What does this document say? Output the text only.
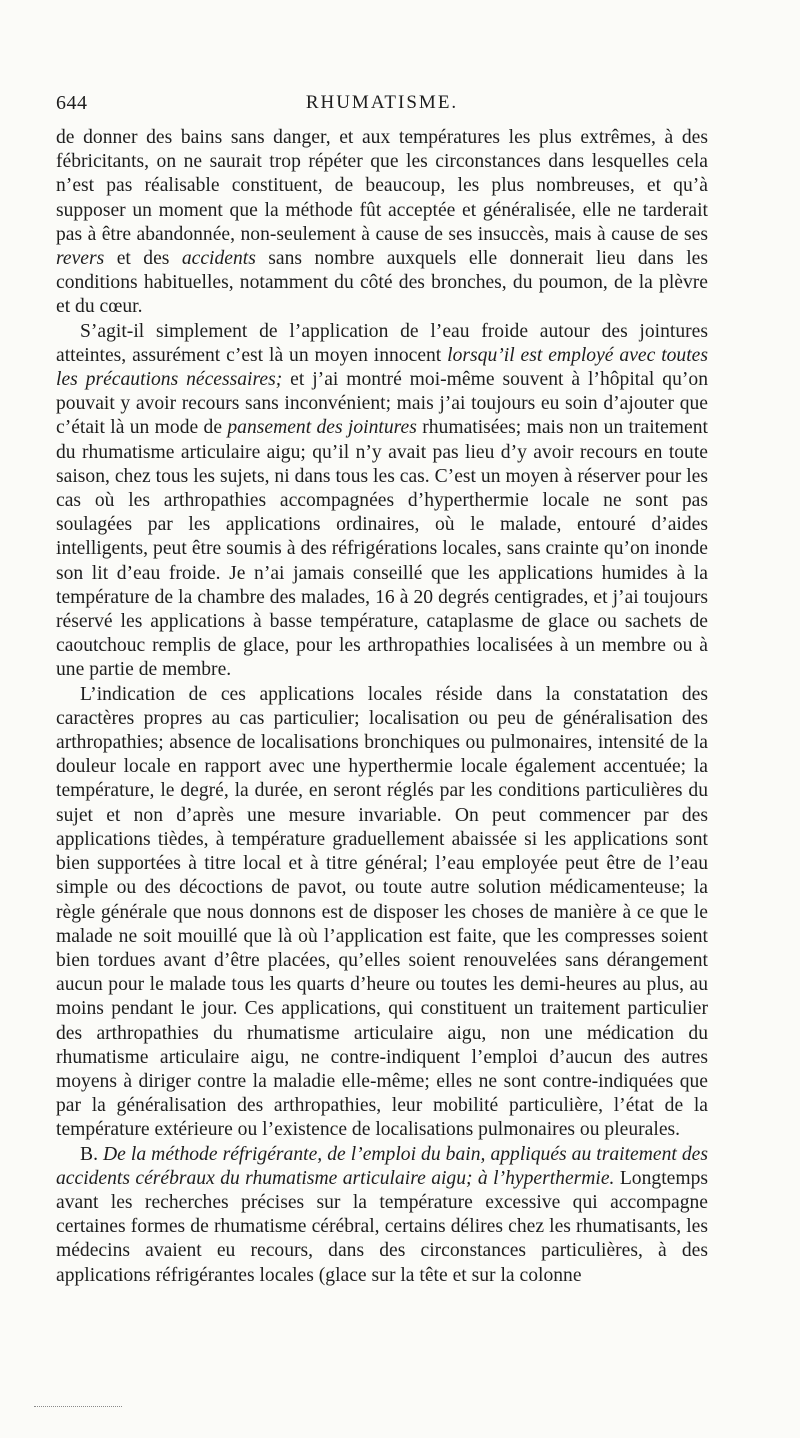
644	RHUMATISME.

de donner des bains sans danger, et aux températures les plus extrêmes, à des fébricitants, on ne saurait trop répéter que les circonstances dans lesquelles cela n’est pas réalisable constituent, de beaucoup, les plus nombreuses, et qu’à supposer un moment que la méthode fût acceptée et généralisée, elle ne tarderait pas à être abandonnée, non-seulement à cause de ses insuccès, mais à cause de ses revers et des accidents sans nombre auxquels elle donnerait lieu dans les conditions habituelles, notamment du côté des bronches, du poumon, de la plèvre et du cœur.

S’agit-il simplement de l’application de l’eau froide autour des jointures atteintes, assurément c’est là un moyen innocent lorsqu’il est employé avec toutes les précautions nécessaires; et j’ai montré moi-même souvent à l’hôpital qu’on pouvait y avoir recours sans inconvénient; mais j’ai toujours eu soin d’ajouter que c’était là un mode de pansement des jointures rhumatisées; mais non un traitement du rhumatisme articulaire aigu; qu’il n’y avait pas lieu d’y avoir recours en toute saison, chez tous les sujets, ni dans tous les cas. C’est un moyen à réserver pour les cas où les arthropathies accompagnées d’hyperthermie locale ne sont pas soulagées par les applications ordinaires, où le malade, entouré d’aides intelligents, peut être soumis à des réfrigérations locales, sans crainte qu’on inonde son lit d’eau froide. Je n’ai jamais conseillé que les applications humides à la température de la chambre des malades, 16 à 20 degrés centigrades, et j’ai toujours réservé les applications à basse température, cataplasme de glace ou sachets de caoutchouc remplis de glace, pour les arthropathies localisées à un membre ou à une partie de membre.

L’indication de ces applications locales réside dans la constatation des caractères propres au cas particulier; localisation ou peu de généralisation des arthropathies; absence de localisations bronchiques ou pulmonaires, intensité de la douleur locale en rapport avec une hyperthermie locale également accentuée; la température, le degré, la durée, en seront réglés par les conditions particulières du sujet et non d’après une mesure invariable. On peut commencer par des applications tièdes, à température graduellement abaissée si les applications sont bien supportées à titre local et à titre général; l’eau employée peut être de l’eau simple ou des décoctions de pavot, ou toute autre solution médicamenteuse; la règle générale que nous donnons est de disposer les choses de manière à ce que le malade ne soit mouillé que là où l’application est faite, que les compresses soient bien tordues avant d’être placées, qu’elles soient renouvelées sans dérangement aucun pour le malade tous les quarts d’heure ou toutes les demi-heures au plus, au moins pendant le jour. Ces applications, qui constituent un traitement particulier des arthropathies du rhumatisme articulaire aigu, non une médication du rhumatisme articulaire aigu, ne contre-indiquent l’emploi d’aucun des autres moyens à diriger contre la maladie elle-même; elles ne sont contre-indiquées que par la généralisation des arthropathies, leur mobilité particulière, l’état de la température extérieure ou l’existence de localisations pulmonaires ou pleurales.

B. De la méthode réfrigérante, de l’emploi du bain, appliqués au traitement des accidents cérébraux du rhumatisme articulaire aigu; à l’hyperthermie. Longtemps avant les recherches précises sur la température excessive qui accompagne certaines formes de rhumatisme cérébral, certains délires chez les rhumatisants, les médecins avaient eu recours, dans des circonstances particulières, à des applications réfrigérantes locales (glace sur la tête et sur la colonne
